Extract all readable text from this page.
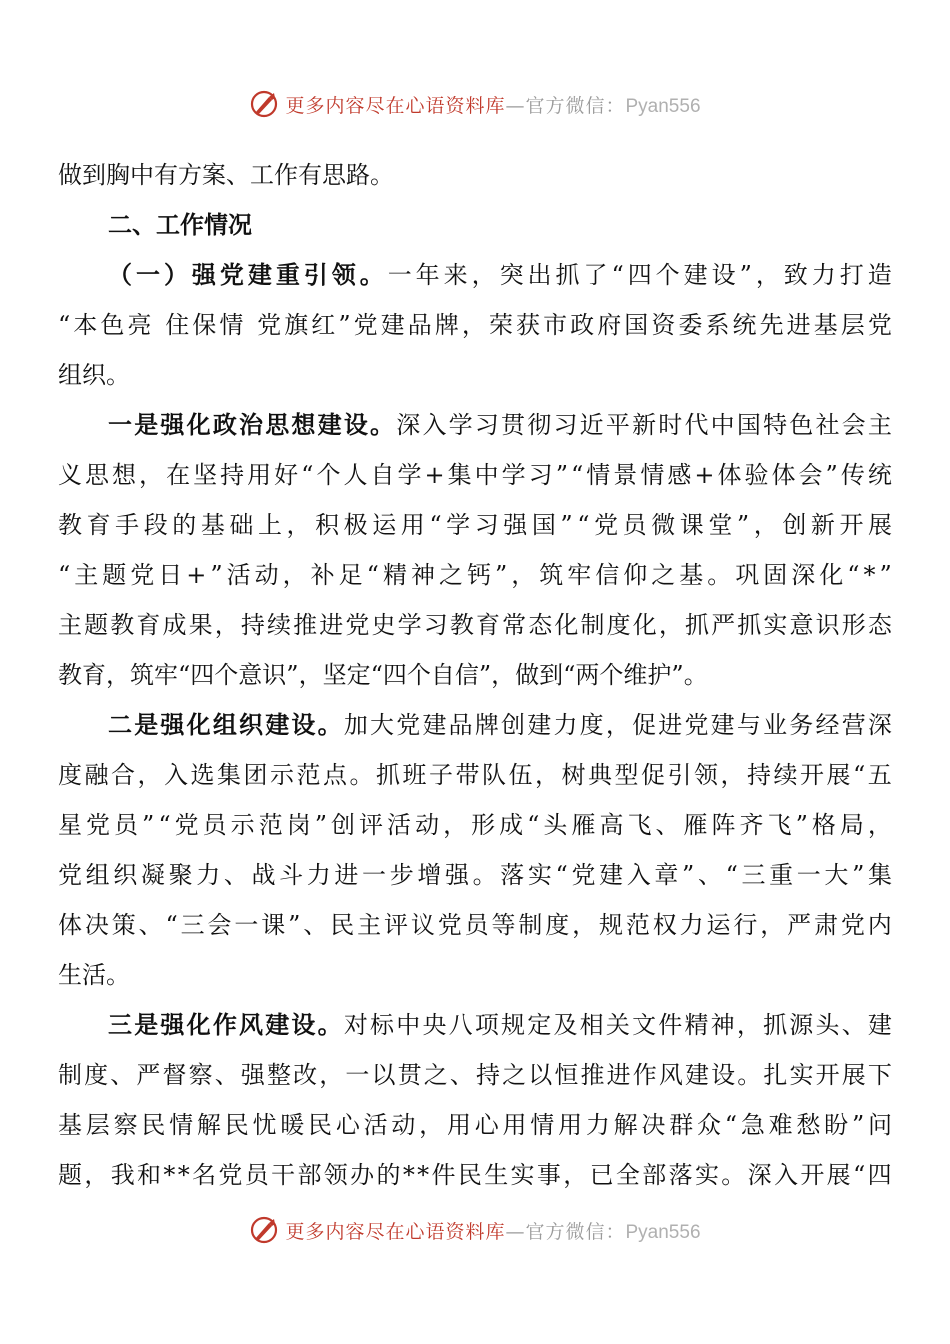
更多内容尽在心语资料库—官方微信：Pyan556
做 到 胸 中 有 方 案 、 工 作 有 思 路 。
二 、 工 作 情 况
（ 一 ） 强 党 建 重 引 领 。 一 年 来 ， 突 出 抓 了 “ 四 个 建 设 ” ， 致 力 打 造
“ 本 色 亮
住 保 情
党 旗 红 ” 党 建 品 牌 ， 荣 获 市 政 府 国 资 委 系 统 先 进 基 层 党
组 织 。
一 是 强 化 政 治 思 想 建 设 。 深 入 学 习 贯 彻 习 近 平 新 时 代 中 国 特 色 社 会 主
义 思 想 ， 在 坚 持 用 好 “ 个 人 自 学 + 集 中 学 习 ” “ 情 景 情 感 + 体 验 体 会 ” 传 统
教 育 手 段 的 基 础 上 ， 积 极 运 用 “ 学 习 强 国 ” “ 党 员 微 课 堂 ” ， 创 新 开 展
“ 主 题 党 日 + ” 活 动 ， 补 足 “ 精 神 之 钙 ” ， 筑 牢 信 仰 之 基 。 巩 固 深 化 “ * ”
主 题 教 育 成 果 ， 持 续 推 进 党 史 学 习 教 育 常 态 化 制 度 化 ， 抓 严 抓 实 意 识 形 态
教 育 ， 筑 牢 “ 四 个 意 识 ” ， 坚 定 “ 四 个 自 信 ” ， 做 到 “ 两 个 维 护 ” 。
二 是 强 化 组 织 建 设 。 加 大 党 建 品 牌 创 建 力 度 ， 促 进 党 建 与 业 务 经 营 深
度 融 合 ， 入 选 集 团 示 范 点 。 抓 班 子 带 队 伍 ， 树 典 型 促 引 领 ， 持 续 开 展 “ 五
星 党 员 ” “ 党 员 示 范 岗 ” 创 评 活 动 ， 形 成 “ 头 雁 高 飞 、 雁 阵 齐 飞 ” 格 局 ，
党 组 织 凝 聚 力 、 战 斗 力 进 一 步 增 强 。 落 实 “ 党 建 入 章 ” 、 “ 三 重 一 大 ” 集
体 决 策 、 “ 三 会 一 课 ” 、 民 主 评 议 党 员 等 制 度 ， 规 范 权 力 运 行 ， 严 肃 党 内
生 活 。
三 是 强 化 作 风 建 设 。 对 标 中 央 八 项 规 定 及 相 关 文 件 精 神 ， 抓 源 头 、 建
制 度 、 严 督 察 、 强 整 改 ， 一 以 贯 之 、 持 之 以 恒 推 进 作 风 建 设 。 扎 实 开 展 下
基 层 察 民 情 解 民 忧 暖 民 心 活 动 ， 用 心 用 情 用 力 解 决 群 众 “ 急 难 愁 盼 ” 问
题 ， 我 和 * * 名 党 员 干 部 领 办 的 * * 件 民 生 实 事 ， 已 全 部 落 实 。 深 入 开 展 “ 四
更多内容尽在心语资料库—官方微信：Pyan556
